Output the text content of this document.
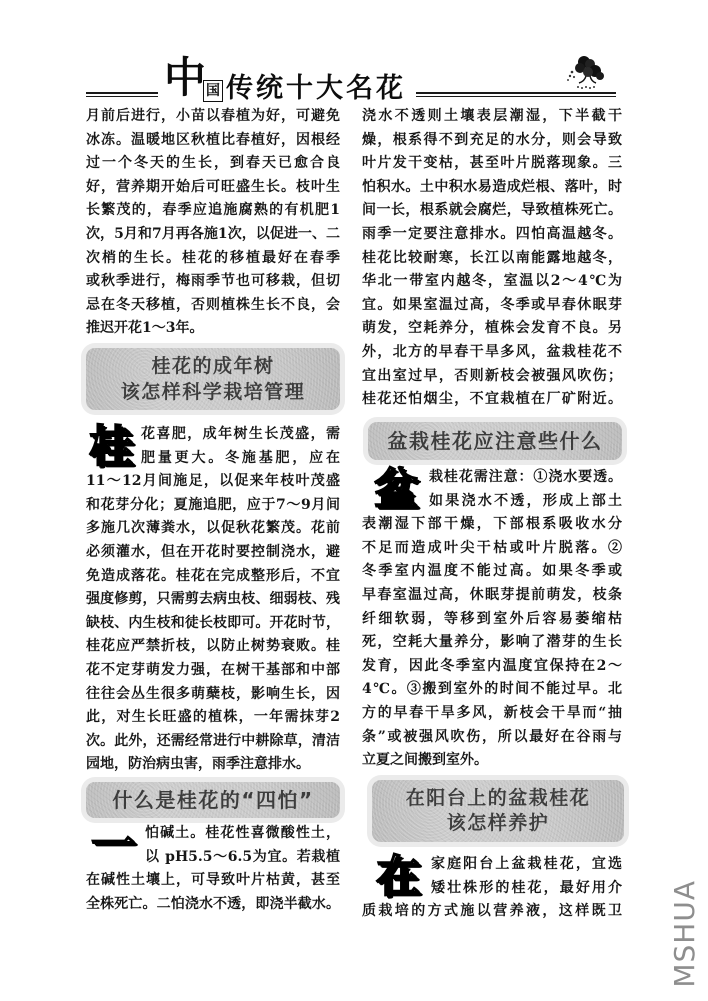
中 国 传统十大名花
月前后进行，小苗以春植为好，可避免
冰冻。温暖地区秋植比春植好，因根经
过一个冬天的生长，到春天已愈合良
好，营养期开始后可旺盛生长。枝叶生
长繁茂的，春季应追施腐熟的有机肥1
次，5月和7月再各施1次，以促进一、二
次梢的生长。桂花的移植最好在春季
或秋季进行，梅雨季节也可移栽，但切
忌在冬天移植，否则植株生长不良，会
推迟开花1～3年。
桂花的成年树
该怎样科学栽培管理
桂 花喜肥，成年树生长茂盛，需
肥量更大。冬施基肥，应在
11～12月间施足，以促来年枝叶茂盛
和花芽分化；夏施追肥，应于7～9月间
多施几次薄粪水，以促秋花繁茂。花前
必须灌水，但在开花时要控制浇水，避
免造成落花。桂花在完成整形后，不宜
强度修剪，只需剪去病虫枝、细弱枝、残
缺枝、内生枝和徒长枝即可。开花时节，
桂花应严禁折枝，以防止树势衰败。桂
花不定芽萌发力强，在树干基部和中部
往往会丛生很多萌蘖枝，影响生长，因
此，对生长旺盛的植株，一年需抹芽2
次。此外，还需经常进行中耕除草，清洁
园地，防治病虫害，雨季注意排水。
什么是桂花的“四怕”
一 怕碱土。桂花性喜微酸性土，
以 pH5.5～6.5为宜。若栽植
在碱性土壤上，可导致叶片枯黄，甚至
全株死亡。二怕浇水不透，即浇半截水。
浇水不透则土壤表层潮湿，下半截干
燥，根系得不到充足的水分，则会导致
叶片发干变枯，甚至叶片脱落现象。三
怕积水。土中积水易造成烂根、落叶，时
间一长，根系就会腐烂，导致植株死亡。
雨季一定要注意排水。四怕高温越冬。
桂花比较耐寒，长江以南能露地越冬，
华北一带室内越冬，室温以2～4℃为
宜。如果室温过高，冬季或早春休眠芽
萌发，空耗养分，植株会发育不良。另
外，北方的早春干旱多风，盆栽桂花不
宜出室过早，否则新枝会被强风吹伤；
桂花还怕烟尘，不宜栽植在厂矿附近。
盆栽桂花应注意些什么
盆 栽桂花需注意：①浇水要透。
如果浇水不透，形成上部土
表潮湿下部干燥，下部根系吸收水分
不足而造成叶尖干枯或叶片脱落。②
冬季室内温度不能过高。如果冬季或
早春室温过高，休眠芽提前萌发，枝条
纤细软弱，等移到室外后容易萎缩枯
死，空耗大量养分，影响了潜芽的生长
发育，因此冬季室内温度宜保持在2～
4℃。③搬到室外的时间不能过早。北
方的早春干旱多风，新枝会干旱而“抽
条”或被强风吹伤，所以最好在谷雨与
立夏之间搬到室外。
在阳台上的盆栽桂花
该怎样养护
在 家庭阳台上盆栽桂花，宜选
矮壮株形的桂花，最好用介
质栽培的方式施以营养液，这样既卫 MSHUA
